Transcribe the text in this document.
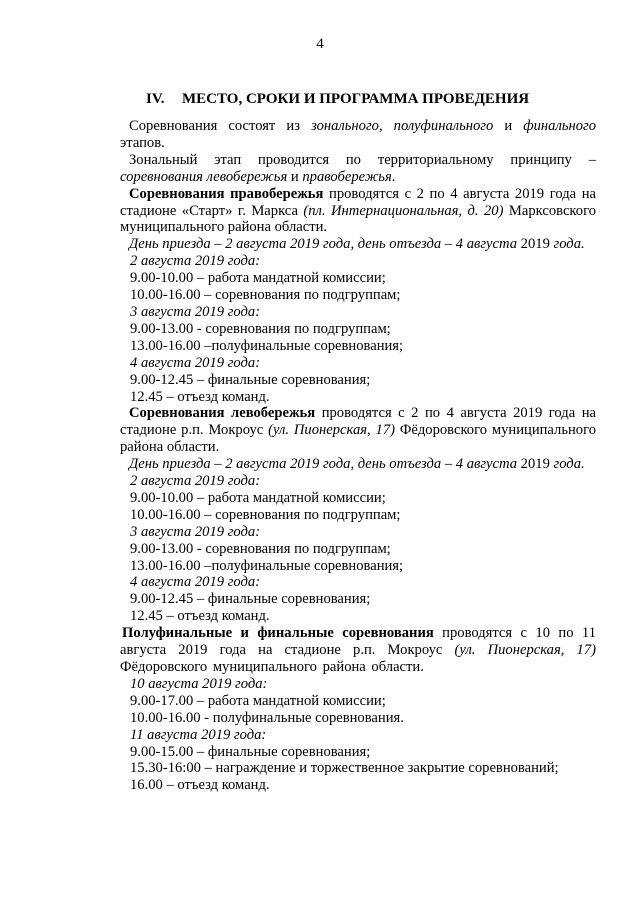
4
IV. МЕСТО, СРОКИ И ПРОГРАММА ПРОВЕДЕНИЯ

Соревнования состоят из зонального, полуфинального и финального этапов.

Зональный этап проводится по территориальному принципу – соревнования левобережья и правобережья.

Соревнования правобережья проводятся с 2 по 4 августа 2019 года на стадионе «Старт» г. Маркса (пл. Интернациональная, д. 20) Марксовского муниципального района области.

День приезда – 2 августа 2019 года, день отъезда – 4 августа 2019 года.

2 августа 2019 года:

9.00-10.00 – работа мандатной комиссии;

10.00-16.00 – соревнования по подгруппам;

3 августа 2019 года:

9.00-13.00 - соревнования по подгруппам;

13.00-16.00 –полуфинальные соревнования;

4 августа 2019 года:

9.00-12.45 – финальные соревнования;

12.45 – отъезд команд.

Соревнования левобережья проводятся с 2 по 4 августа 2019 года на стадионе р.п. Мокроус (ул. Пионерская, 17) Фёдоровского муниципального района области.

День приезда – 2 августа 2019 года, день отъезда – 4 августа 2019 года.

2 августа 2019 года:

9.00-10.00 – работа мандатной комиссии;

10.00-16.00 – соревнования по подгруппам;

3 августа 2019 года:

9.00-13.00 - соревнования по подгруппам;

13.00-16.00 –полуфинальные соревнования;

4 августа 2019 года:

9.00-12.45 – финальные соревнования;

12.45 – отъезд команд.

Полуфинальные и финальные соревнования проводятся с 10 по 11 августа 2019 года на стадионе р.п. Мокроус (ул. Пионерская, 17) Фёдоровского муниципального района области.

10 августа 2019 года:

9.00-17.00 – работа мандатной комиссии;

10.00-16.00 - полуфинальные соревнования.

11 августа 2019 года:

9.00-15.00 – финальные соревнования;

15.30-16:00 – награждение и торжественное закрытие соревнований;

16.00 – отъезд команд.
